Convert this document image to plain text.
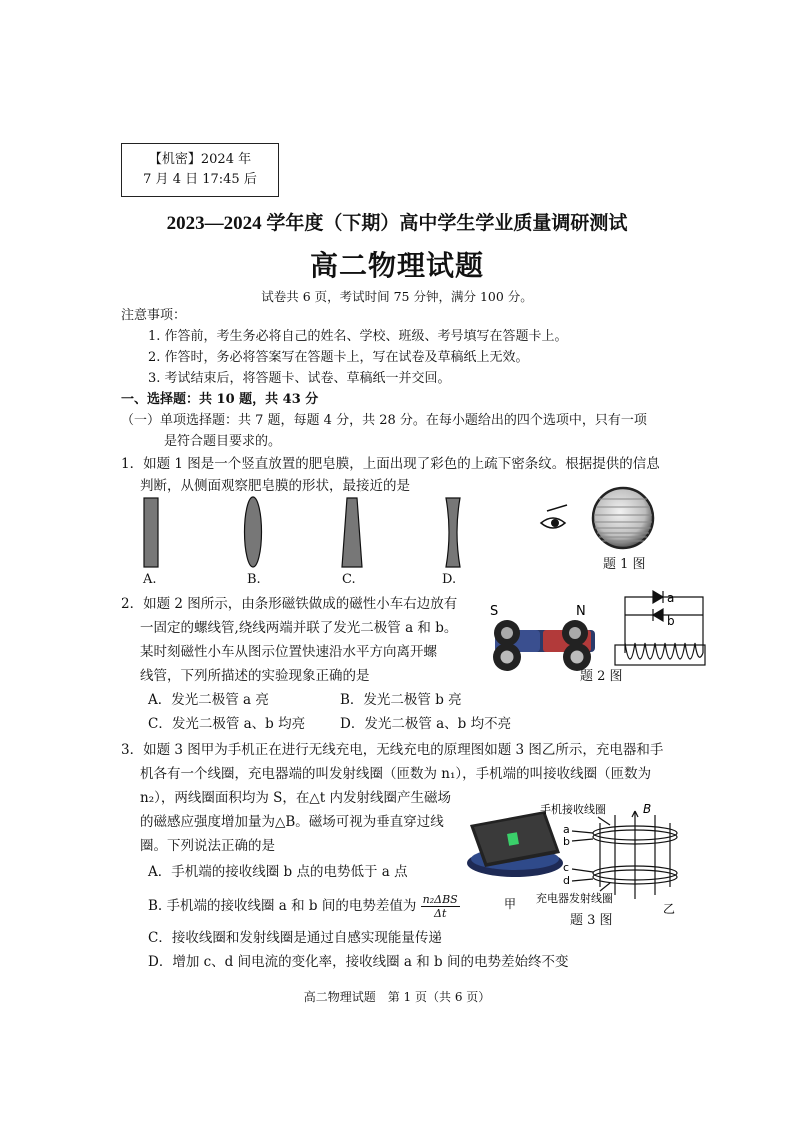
【机密】2024 年
7 月 4 日 17:45 后
2023—2024 学年度（下期）高中学生学业质量调研测试
高二物理试题
试卷共 6 页，考试时间 75 分钟，满分 100 分。
注意事项：
1. 作答前，考生务必将自己的姓名、学校、班级、考号填写在答题卡上。
2. 作答时，务必将答案写在答题卡上，写在试卷及草稿纸上无效。
3. 考试结束后，将答题卡、试卷、草稿纸一并交回。
一、选择题：共 10 题，共 43 分
（一）单项选择题：共 7 题，每题 4 分，共 28 分。在每小题给出的四个选项中，只有一项
是符合题目要求的。
1．如题 1 图是一个竖直放置的肥皂膜，上面出现了彩色的上疏下密条纹。根据提供的信息
判断，从侧面观察肥皂膜的形状，最接近的是
A.	B.	C.	D.
题 1 图
2．如题 2 图所示，由条形磁铁做成的磁性小车右边放有
一固定的螺线管,绕线两端并联了发光二极管 a 和 b。
某时刻磁性小车从图示位置快速沿水平方向离开螺
线管，下列所描述的实验现象正确的是
A．发光二极管 a 亮	B．发光二极管 b 亮
C．发光二极管 a、b 均亮	D．发光二极管 a、b 均不亮
S	N
a
b
题 2 图
3．如题 3 图甲为手机正在进行无线充电，无线充电的原理图如题 3 图乙所示，充电器和手
机各有一个线圈，充电器端的叫发射线圈（匝数为 n₁），手机端的叫接收线圈（匝数为
n₂），两线圈面积均为 S，在△t 内发射线圈产生磁场
的磁感应强度增加量为△B。磁场可视为垂直穿过线
圈。下列说法正确的是
A．手机端的接收线圈 b 点的电势低于 a 点
B. 手机端的接收线圈 a 和 b 间的电势差值为 $\frac{\text{n₂ΔBS}}{\Delta t}$
C．接收线圈和发射线圈是通过自感实现能量传递
D．增加 c、d 间电流的变化率，接收线圈 a 和 b 间的电势差始终不变
手机接收线圈	B
a
b
c
d
充电器发射线圈
甲	乙
题 3 图
高二物理试题　第 1 页（共 6 页）
